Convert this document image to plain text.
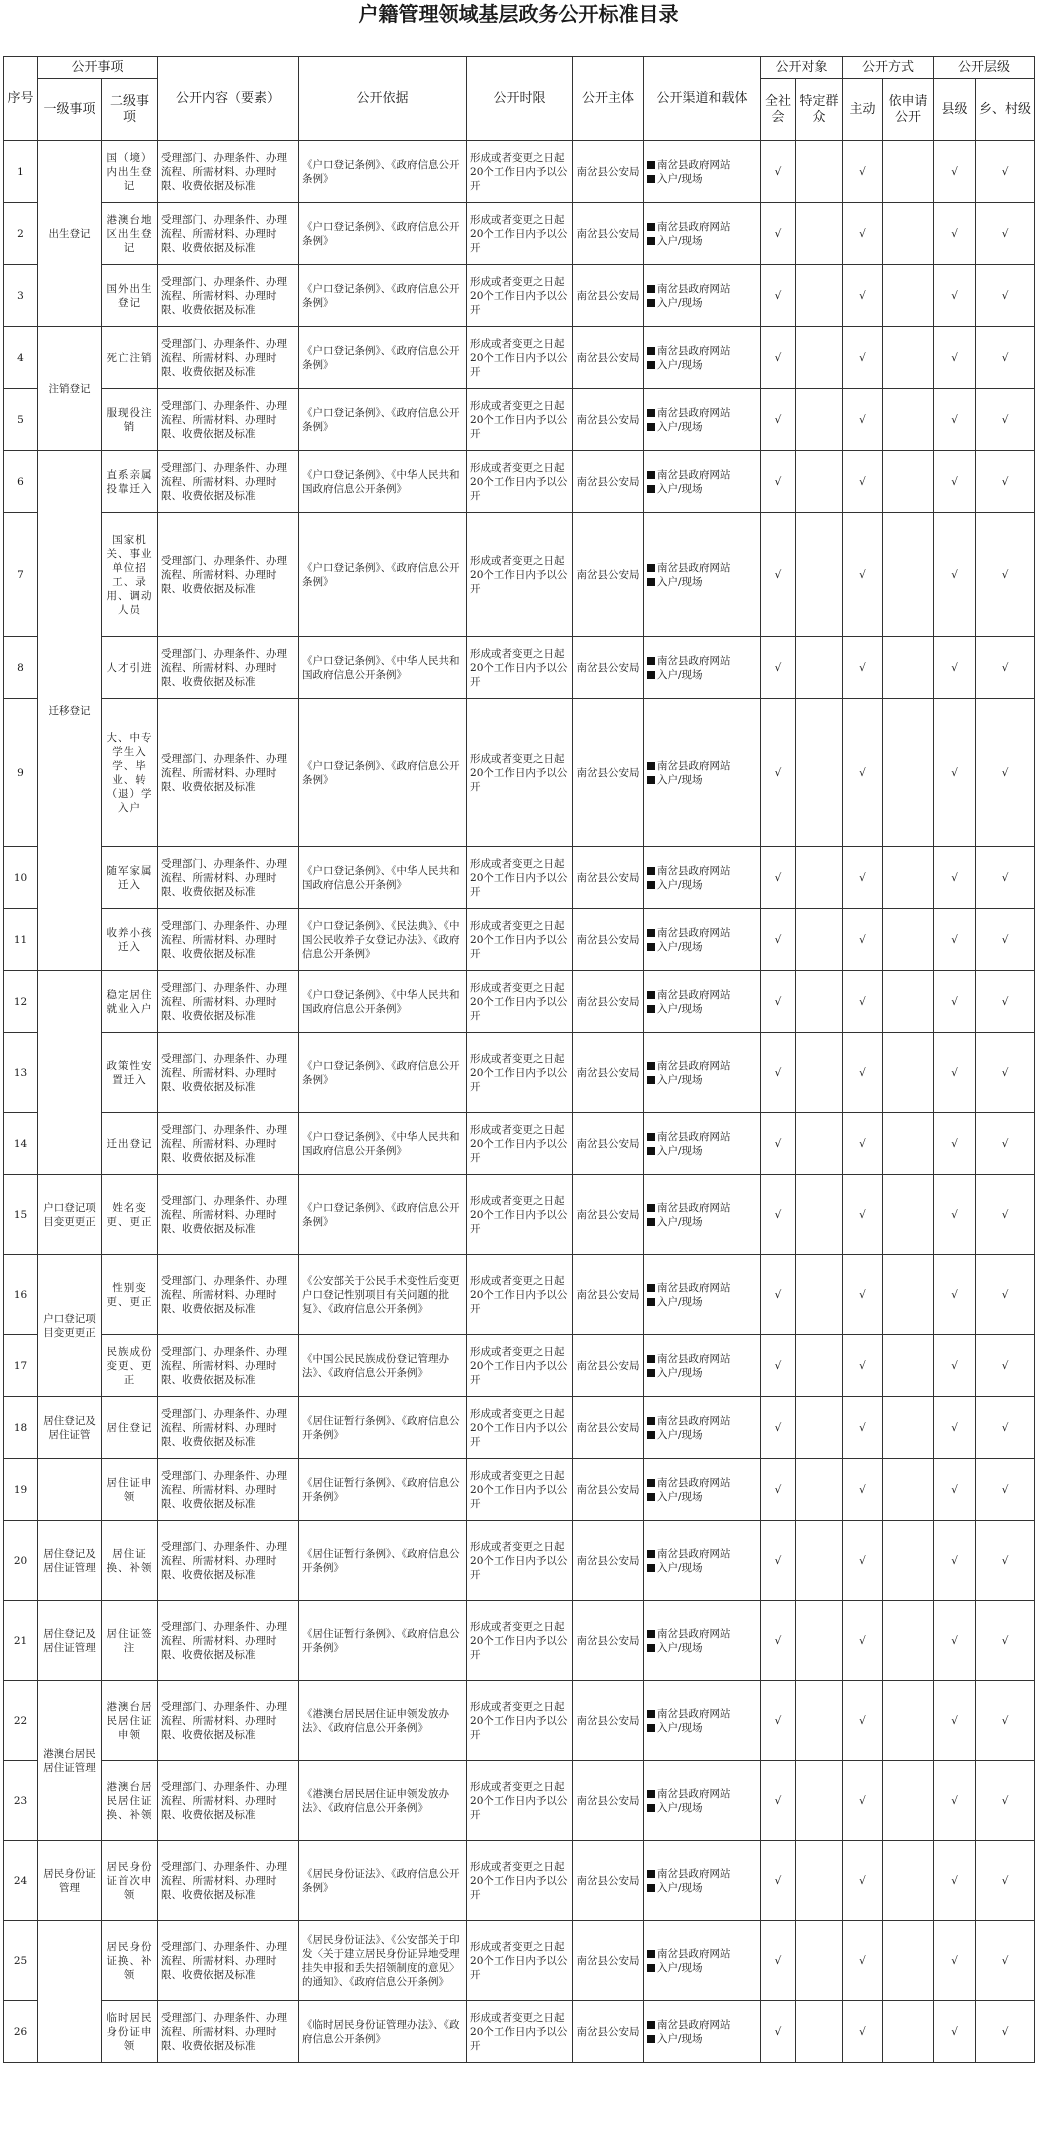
户籍管理领域基层政务公开标准目录
序号	公开事项		公开内容（要素）	公开依据	公开时限	公开主体	公开渠道和载体	公开对象		公开方式		公开层级	
	一级事项	二级事项						全社会	特定群众	主动	依申请公开	县级	乡、村级
1	出生登记	国（境）内出生登记	受理部门、办理条件、办理流程、所需材料、办理时限、收费依据及标准	《户口登记条例》、《政府信息公开条例》	形成或者变更之日起20个工作日内予以公开	南岔县公安局	南岔县政府网站
入户/现场	√		√		√	√
2		港澳台地区出生登记	受理部门、办理条件、办理流程、所需材料、办理时限、收费依据及标准	《户口登记条例》、《政府信息公开条例》	形成或者变更之日起20个工作日内予以公开	南岔县公安局	南岔县政府网站
入户/现场	√		√		√	√
3		国外出生登记	受理部门、办理条件、办理流程、所需材料、办理时限、收费依据及标准	《户口登记条例》、《政府信息公开条例》	形成或者变更之日起20个工作日内予以公开	南岔县公安局	南岔县政府网站
入户/现场	√		√		√	√
4	注销登记	死亡注销	受理部门、办理条件、办理流程、所需材料、办理时限、收费依据及标准	《户口登记条例》、《政府信息公开条例》	形成或者变更之日起20个工作日内予以公开	南岔县公安局	南岔县政府网站
入户/现场	√		√		√	√
5		服现役注销	受理部门、办理条件、办理流程、所需材料、办理时限、收费依据及标准	《户口登记条例》、《政府信息公开条例》	形成或者变更之日起20个工作日内予以公开	南岔县公安局	南岔县政府网站
入户/现场	√		√		√	√
6	迁移登记	直系亲属投靠迁入	受理部门、办理条件、办理流程、所需材料、办理时限、收费依据及标准	《户口登记条例》、《中华人民共和国政府信息公开条例》	形成或者变更之日起20个工作日内予以公开	南岔县公安局	南岔县政府网站
入户/现场	√		√		√	√
7		国家机关、事业单位招工、录用、调动人员	受理部门、办理条件、办理流程、所需材料、办理时限、收费依据及标准	《户口登记条例》、《政府信息公开条例》	形成或者变更之日起20个工作日内予以公开	南岔县公安局	南岔县政府网站
入户/现场	√		√		√	√
8		人才引进	受理部门、办理条件、办理流程、所需材料、办理时限、收费依据及标准	《户口登记条例》、《中华人民共和国政府信息公开条例》	形成或者变更之日起20个工作日内予以公开	南岔县公安局	南岔县政府网站
入户/现场	√		√		√	√
9		大、中专学生入学、毕业、转（退）学入户	受理部门、办理条件、办理流程、所需材料、办理时限、收费依据及标准	《户口登记条例》、《政府信息公开条例》	形成或者变更之日起20个工作日内予以公开	南岔县公安局	南岔县政府网站
入户/现场	√		√		√	√
10		随军家属迁入	受理部门、办理条件、办理流程、所需材料、办理时限、收费依据及标准	《户口登记条例》、《中华人民共和国政府信息公开条例》	形成或者变更之日起20个工作日内予以公开	南岔县公安局	南岔县政府网站
入户/现场	√		√		√	√
11		收养小孩迁入	受理部门、办理条件、办理流程、所需材料、办理时限、收费依据及标准	《户口登记条例》、《民法典》、《中国公民收养子女登记办法》、《政府信息公开条例》	形成或者变更之日起20个工作日内予以公开	南岔县公安局	南岔县政府网站
入户/现场	√		√		√	√
12		稳定居住就业入户	受理部门、办理条件、办理流程、所需材料、办理时限、收费依据及标准	《户口登记条例》、《中华人民共和国政府信息公开条例》	形成或者变更之日起20个工作日内予以公开	南岔县公安局	南岔县政府网站
入户/现场	√		√		√	√
13		政策性安置迁入	受理部门、办理条件、办理流程、所需材料、办理时限、收费依据及标准	《户口登记条例》、《政府信息公开条例》	形成或者变更之日起20个工作日内予以公开	南岔县公安局	南岔县政府网站
入户/现场	√		√		√	√
14		迁出登记	受理部门、办理条件、办理流程、所需材料、办理时限、收费依据及标准	《户口登记条例》、《中华人民共和国政府信息公开条例》	形成或者变更之日起20个工作日内予以公开	南岔县公安局	南岔县政府网站
入户/现场	√		√		√	√
15	户口登记项目变更更正	姓名变更、更正	受理部门、办理条件、办理流程、所需材料、办理时限、收费依据及标准	《户口登记条例》、《政府信息公开条例》	形成或者变更之日起20个工作日内予以公开	南岔县公安局	南岔县政府网站
入户/现场	√		√		√	√
16	户口登记项目变更更正	性别变更、更正	受理部门、办理条件、办理流程、所需材料、办理时限、收费依据及标准	《公安部关于公民手术变性后变更户口登记性别项目有关问题的批复》、《政府信息公开条例》	形成或者变更之日起20个工作日内予以公开	南岔县公安局	南岔县政府网站
入户/现场	√		√		√	√
17		民族成份变更、更正	受理部门、办理条件、办理流程、所需材料、办理时限、收费依据及标准	《中国公民民族成份登记管理办法》、《政府信息公开条例》	形成或者变更之日起20个工作日内予以公开	南岔县公安局	南岔县政府网站
入户/现场	√		√		√	√
18	居住登记及居住证管	居住登记	受理部门、办理条件、办理流程、所需材料、办理时限、收费依据及标准	《居住证暂行条例》、《政府信息公开条例》	形成或者变更之日起20个工作日内予以公开	南岔县公安局	南岔县政府网站
入户/现场	√		√		√	√
19		居住证申领	受理部门、办理条件、办理流程、所需材料、办理时限、收费依据及标准	《居住证暂行条例》、《政府信息公开条例》	形成或者变更之日起20个工作日内予以公开	南岔县公安局	南岔县政府网站
入户/现场	√		√		√	√
20	居住登记及居住证管理	居住证换、补领	受理部门、办理条件、办理流程、所需材料、办理时限、收费依据及标准	《居住证暂行条例》、《政府信息公开条例》	形成或者变更之日起20个工作日内予以公开	南岔县公安局	南岔县政府网站
入户/现场	√		√		√	√
21	居住登记及居住证管理	居住证签注	受理部门、办理条件、办理流程、所需材料、办理时限、收费依据及标准	《居住证暂行条例》、《政府信息公开条例》	形成或者变更之日起20个工作日内予以公开	南岔县公安局	南岔县政府网站
入户/现场	√		√		√	√
22	港澳台居民居住证管理	港澳台居民居住证申领	受理部门、办理条件、办理流程、所需材料、办理时限、收费依据及标准	《港澳台居民居住证申领发放办法》、《政府信息公开条例》	形成或者变更之日起20个工作日内予以公开	南岔县公安局	南岔县政府网站
入户/现场	√		√		√	√
23		港澳台居民居住证换、补领	受理部门、办理条件、办理流程、所需材料、办理时限、收费依据及标准	《港澳台居民居住证申领发放办法》、《政府信息公开条例》	形成或者变更之日起20个工作日内予以公开	南岔县公安局	南岔县政府网站
入户/现场	√		√		√	√
24	居民身份证管理	居民身份证首次申领	受理部门、办理条件、办理流程、所需材料、办理时限、收费依据及标准	《居民身份证法》、《政府信息公开条例》	形成或者变更之日起20个工作日内予以公开	南岔县公安局	南岔县政府网站
入户/现场	√		√		√	√
25		居民身份证换、补领	受理部门、办理条件、办理流程、所需材料、办理时限、收费依据及标准	《居民身份证法》、《公安部关于印发〈关于建立居民身份证异地受理挂失申报和丢失招领制度的意见〉的通知》、《政府信息公开条例》	形成或者变更之日起20个工作日内予以公开	南岔县公安局	南岔县政府网站
入户/现场	√		√		√	√
26		临时居民身份证申领	受理部门、办理条件、办理流程、所需材料、办理时限、收费依据及标准	《临时居民身份证管理办法》、《政府信息公开条例》	形成或者变更之日起20个工作日内予以公开	南岔县公安局	南岔县政府网站
入户/现场	√		√		√	√
